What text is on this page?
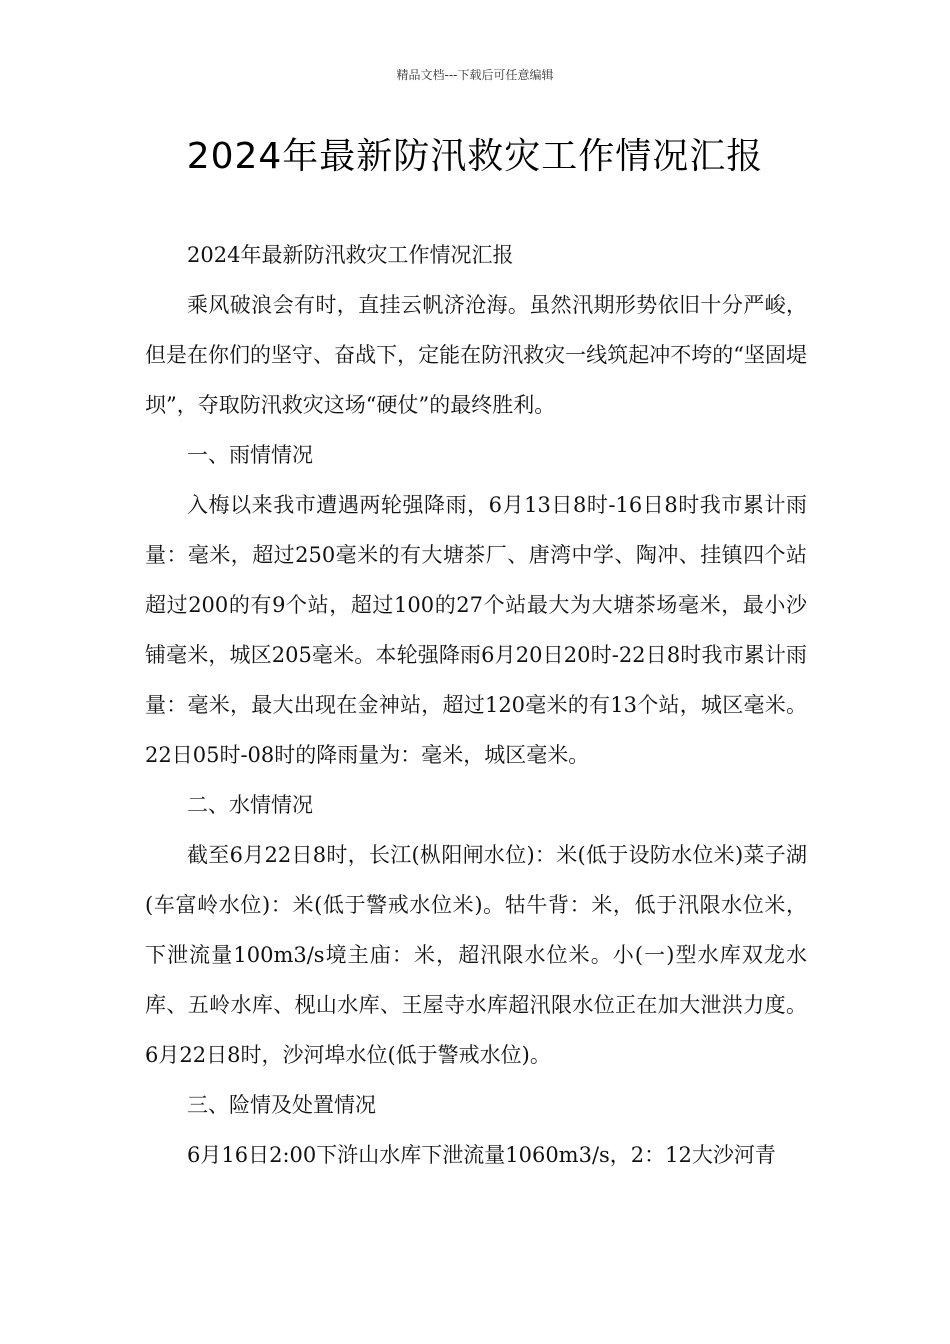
精品文档---下载后可任意编辑
2024年最新防汛救灾工作情况汇报

2024年最新防汛救灾工作情况汇报

乘风破浪会有时，直挂云帆济沧海。虽然汛期形势依旧十分严峻，但是在你们的坚守、奋战下，定能在防汛救灾一线筑起冲不垮的“坚固堤坝”，夺取防汛救灾这场“硬仗”的最终胜利。

一、雨情情况

入梅以来我市遭遇两轮强降雨，6月13日8时-16日8时我市累计雨量：毫米，超过250毫米的有大塘茶厂、唐湾中学、陶冲、挂镇四个站超过200的有9个站，超过100的27个站最大为大塘茶场毫米，最小沙铺毫米，城区205毫米。本轮强降雨6月20日20时-22日8时我市累计雨量：毫米，最大出现在金神站，超过120毫米的有13个站，城区毫米。22日05时-08时的降雨量为：毫米，城区毫米。

二、水情情况

截至6月22日8时，长江(枞阳闸水位)：米(低于设防水位米)菜子湖(车富岭水位)：米(低于警戒水位米)。牯牛背：米，低于汛限水位米，下泄流量100m3/s境主庙：米，超汛限水位米。小(一)型水库双龙水库、五岭水库、枧山水库、王屋寺水库超汛限水位正在加大泄洪力度。6月22日8时，沙河埠水位(低于警戒水位)。

三、险情及处置情况

6月16日2:00下浒山水库下泄流量1060m3/s，2：12大沙河青
